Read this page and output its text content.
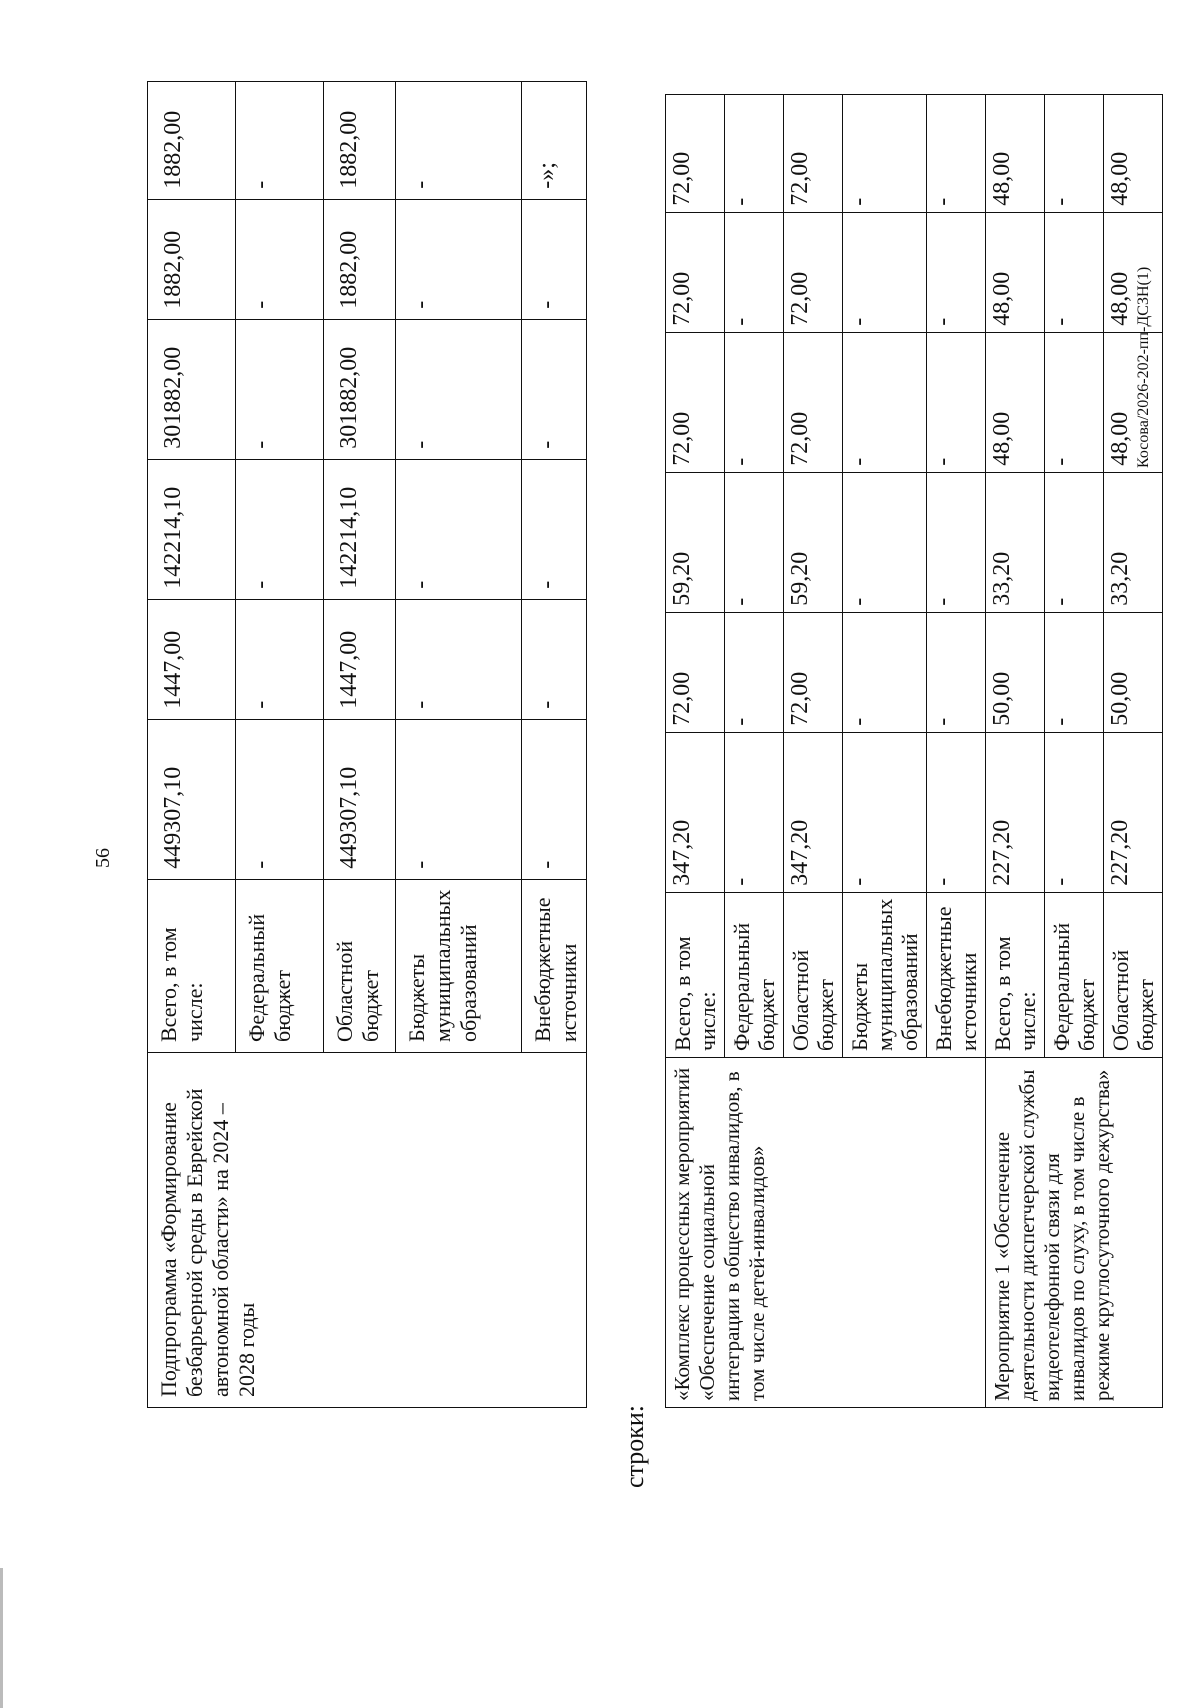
56
Косова/2026-202-пп-ДСЗН(1)
строки:
Подпрограмма «Формирование безбарьерной среды в Еврейской автономной области» на 2024 – 2028 годы	Всего, в том числе:	449307,10	1447,00	142214,10	301882,00	1882,00	1882,00
	Федеральный бюджет	-	-	-	-	-	-
	Областной бюджет	449307,10	1447,00	142214,10	301882,00	1882,00	1882,00
	Бюджеты муниципальных образований	-	-	-	-	-	-
	Внебюджетные источники	-	-	-	-	-	-»;
«Комплекс процессных мероприятий «Обеспечение социальной интеграции в общество инвалидов, в том числе детей-инвалидов»	Всего, в том числе:	347,20	72,00	59,20	72,00	72,00	72,00
	Федеральный бюджет	-	-	-	-	-	-
	Областной бюджет	347,20	72,00	59,20	72,00	72,00	72,00
	Бюджеты муниципальных образований	-	-	-	-	-	-
	Внебюджетные источники	-	-	-	-	-	-
Мероприятие 1 «Обеспечение деятельности диспетчерской службы видеотелефонной связи для инвалидов по слуху, в том числе в режиме круглосуточного дежурства»	Всего, в том числе:	227,20	50,00	33,20	48,00	48,00	48,00
	Федеральный бюджет	-	-	-	-	-	-
	Областной бюджет	227,20	50,00	33,20	48,00	48,00	48,00
